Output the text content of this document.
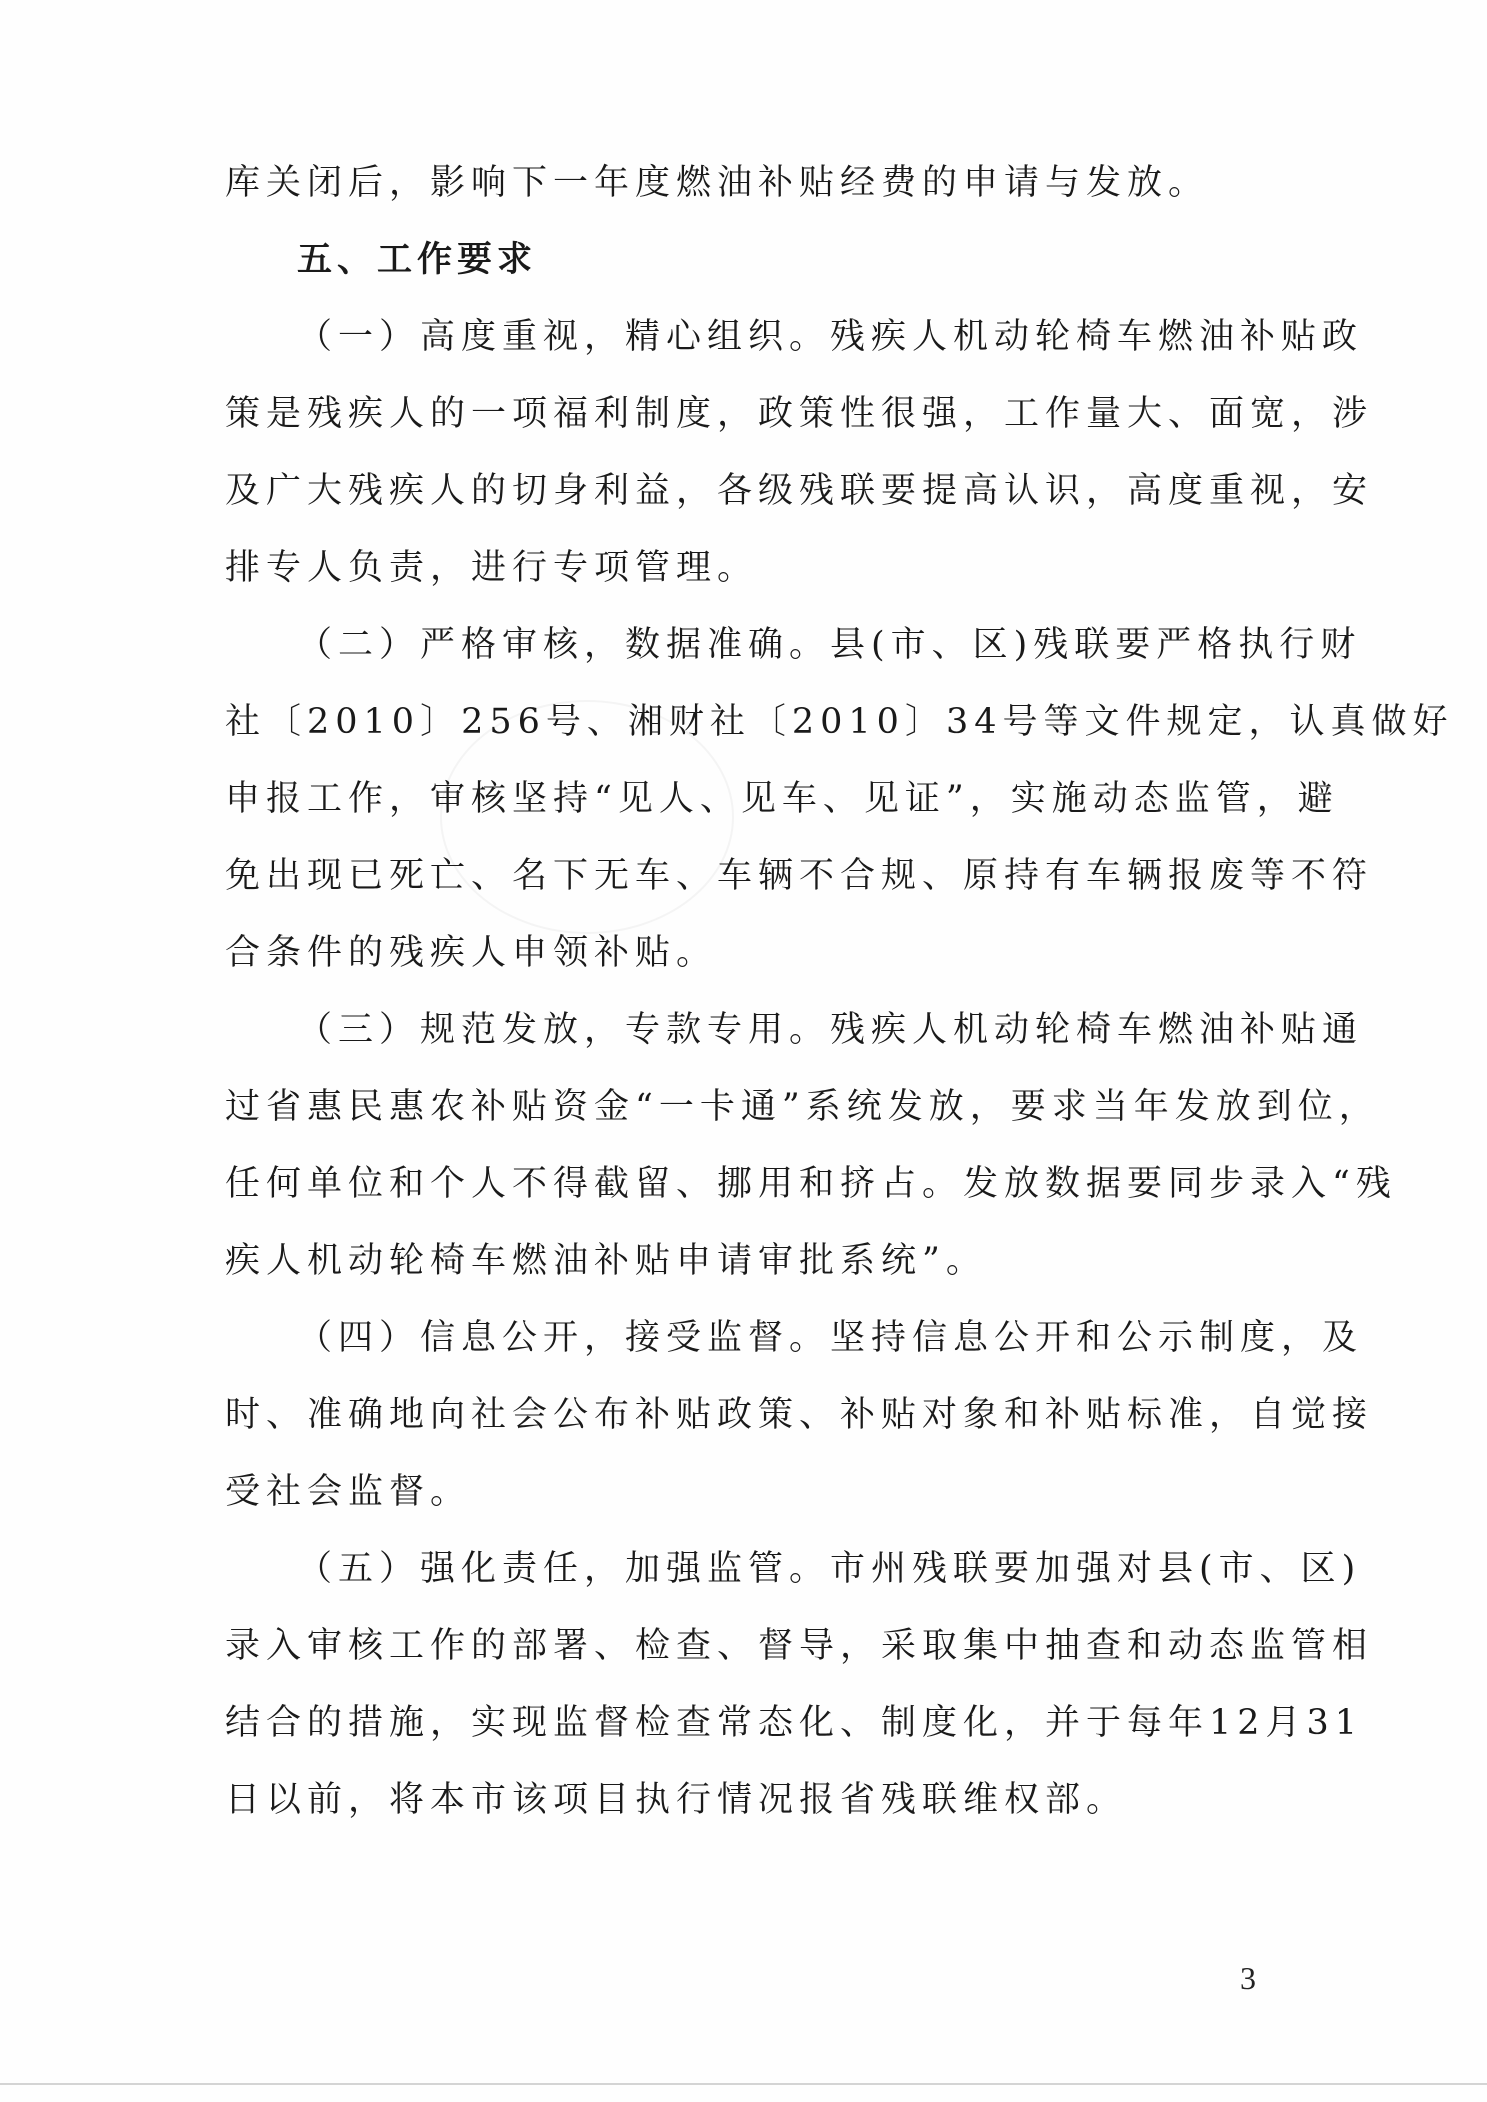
库关闭后，影响下一年度燃油补贴经费的申请与发放。
五、工作要求
（一）高度重视，精心组织。残疾人机动轮椅车燃油补贴政
策是残疾人的一项福利制度，政策性很强，工作量大、面宽，涉
及广大残疾人的切身利益，各级残联要提高认识，高度重视，安
排专人负责，进行专项管理。
（二）严格审核，数据准确。县(市、区)残联要严格执行财
社〔2010〕256号、湘财社〔2010〕34号等文件规定，认真做好
申报工作，审核坚持“见人、见车、见证”，实施动态监管，避
免出现已死亡、名下无车、车辆不合规、原持有车辆报废等不符
合条件的残疾人申领补贴。
（三）规范发放，专款专用。残疾人机动轮椅车燃油补贴通
过省惠民惠农补贴资金“一卡通”系统发放，要求当年发放到位，
任何单位和个人不得截留、挪用和挤占。发放数据要同步录入“残
疾人机动轮椅车燃油补贴申请审批系统”。
（四）信息公开，接受监督。坚持信息公开和公示制度，及
时、准确地向社会公布补贴政策、补贴对象和补贴标准，自觉接
受社会监督。
（五）强化责任，加强监管。市州残联要加强对县(市、区)
录入审核工作的部署、检查、督导，采取集中抽查和动态监管相
结合的措施，实现监督检查常态化、制度化，并于每年12月31
日以前，将本市该项目执行情况报省残联维权部。
3
